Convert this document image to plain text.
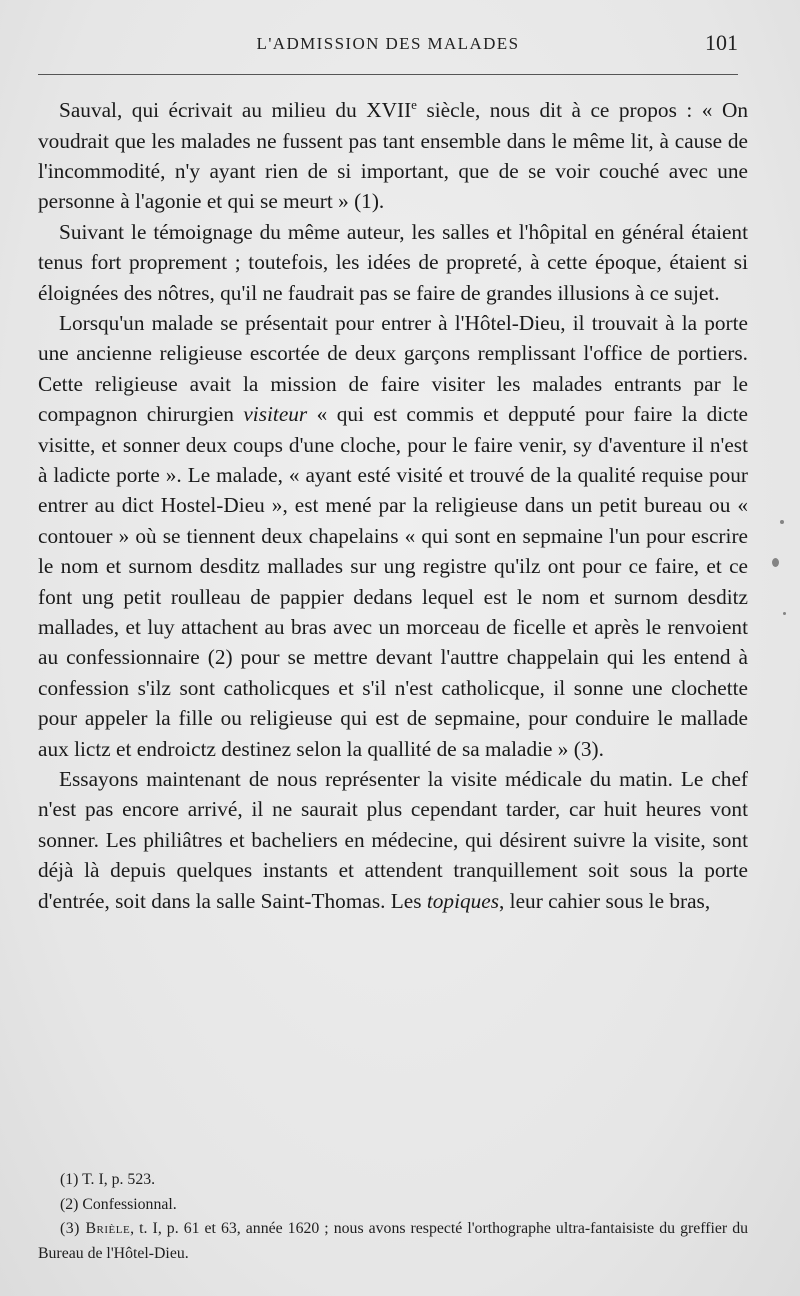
L'ADMISSION DES MALADES	101

Sauval, qui écrivait au milieu du XVIIe siècle, nous dit à ce propos : « On voudrait que les malades ne fussent pas tant ensemble dans le même lit, à cause de l'incommodité, n'y ayant rien de si important, que de se voir couché avec une personne à l'agonie et qui se meurt » (1).

Suivant le témoignage du même auteur, les salles et l'hôpital en général étaient tenus fort proprement ; toutefois, les idées de propreté, à cette époque, étaient si éloignées des nôtres, qu'il ne faudrait pas se faire de grandes illusions à ce sujet.

Lorsqu'un malade se présentait pour entrer à l'Hôtel-Dieu, il trouvait à la porte une ancienne religieuse escortée de deux garçons remplissant l'office de portiers. Cette religieuse avait la mission de faire visiter les malades entrants par le compagnon chirurgien visiteur « qui est commis et depputé pour faire la dicte visitte, et sonner deux coups d'une cloche, pour le faire venir, sy d'aventure il n'est à ladicte porte ». Le malade, « ayant esté visité et trouvé de la qualité requise pour entrer au dict Hostel-Dieu », est mené par la religieuse dans un petit bureau ou « contouer » où se tiennent deux chapelains « qui sont en sepmaine l'un pour escrire le nom et surnom desditz mallades sur ung registre qu'ilz ont pour ce faire, et ce font ung petit roulleau de pappier dedans lequel est le nom et surnom desditz mallades, et luy attachent au bras avec un morceau de ficelle et après le renvoient au confessionnaire (2) pour se mettre devant l'auttre chappelain qui les entend à confession s'ilz sont catholicques et s'il n'est catholicque, il sonne une clochette pour appeler la fille ou religieuse qui est de sepmaine, pour conduire le mallade aux lictz et endroictz destinez selon la quallité de sa maladie » (3).

Essayons maintenant de nous représenter la visite médicale du matin. Le chef n'est pas encore arrivé, il ne saurait plus cependant tarder, car huit heures vont sonner. Les philiâtres et bacheliers en médecine, qui désirent suivre la visite, sont déjà là depuis quelques instants et attendent tranquillement soit sous la porte d'entrée, soit dans la salle Saint-Thomas. Les topiques, leur cahier sous le bras,

(1) T. I, p. 523.

(2) Confessionnal.

(3) Brièle, t. I, p. 61 et 63, année 1620 ; nous avons respecté l'orthographe ultra-fantaisiste du greffier du Bureau de l'Hôtel-Dieu.
